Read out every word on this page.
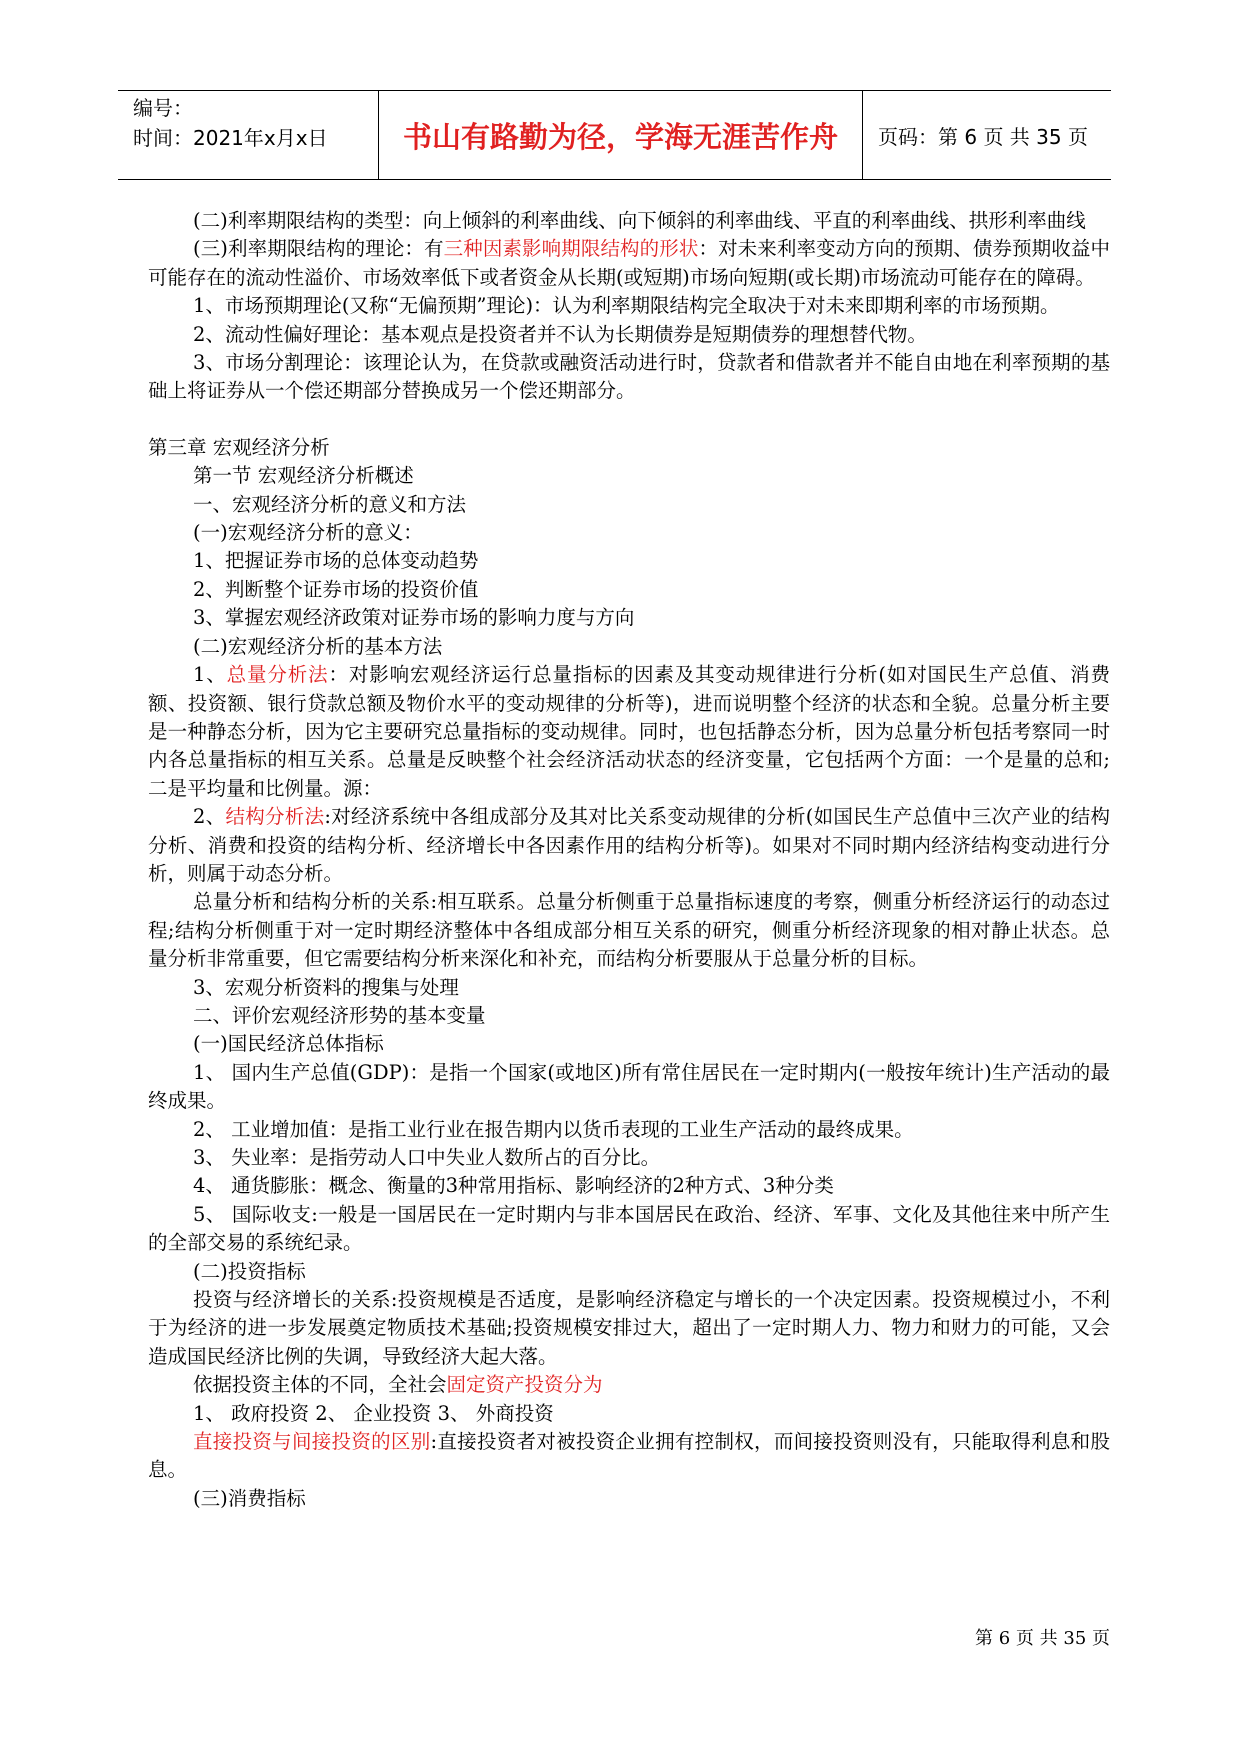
编号：
时间：2021年x月x日	书山有路勤为径，学海无涯苦作舟	页码：第 6 页 共 35 页

(二)利率期限结构的类型：向上倾斜的利率曲线、向下倾斜的利率曲线、平直的利率曲线、拱形利率曲线

(三)利率期限结构的理论：有三种因素影响期限结构的形状：对未来利率变动方向的预期、债券预期收益中可能存在的流动性溢价、市场效率低下或者资金从长期(或短期)市场向短期(或长期)市场流动可能存在的障碍。

1、市场预期理论(又称“无偏预期”理论)：认为利率期限结构完全取决于对未来即期利率的市场预期。

2、流动性偏好理论：基本观点是投资者并不认为长期债券是短期债券的理想替代物。

3、市场分割理论：该理论认为，在贷款或融资活动进行时，贷款者和借款者并不能自由地在利率预期的基础上将证券从一个偿还期部分替换成另一个偿还期部分。

第三章 宏观经济分析

第一节 宏观经济分析概述

一、宏观经济分析的意义和方法

(一)宏观经济分析的意义：

1、把握证券市场的总体变动趋势

2、判断整个证券市场的投资价值

3、掌握宏观经济政策对证券市场的影响力度与方向

(二)宏观经济分析的基本方法

1、总量分析法：对影响宏观经济运行总量指标的因素及其变动规律进行分析(如对国民生产总值、消费额、投资额、银行贷款总额及物价水平的变动规律的分析等)，进而说明整个经济的状态和全貌。总量分析主要是一种静态分析，因为它主要研究总量指标的变动规律。同时，也包括静态分析，因为总量分析包括考察同一时内各总量指标的相互关系。总量是反映整个社会经济活动状态的经济变量，它包括两个方面：一个是量的总和;二是平均量和比例量。源：

2、结构分析法:对经济系统中各组成部分及其对比关系变动规律的分析(如国民生产总值中三次产业的结构分析、消费和投资的结构分析、经济增长中各因素作用的结构分析等)。如果对不同时期内经济结构变动进行分析，则属于动态分析。

总量分析和结构分析的关系:相互联系。总量分析侧重于总量指标速度的考察，侧重分析经济运行的动态过程;结构分析侧重于对一定时期经济整体中各组成部分相互关系的研究，侧重分析经济现象的相对静止状态。总量分析非常重要，但它需要结构分析来深化和补充，而结构分析要服从于总量分析的目标。

3、宏观分析资料的搜集与处理

二、评价宏观经济形势的基本变量

(一)国民经济总体指标

1、 国内生产总值(GDP)：是指一个国家(或地区)所有常住居民在一定时期内(一般按年统计)生产活动的最终成果。

2、 工业增加值：是指工业行业在报告期内以货币表现的工业生产活动的最终成果。

3、 失业率：是指劳动人口中失业人数所占的百分比。

4、 通货膨胀：概念、衡量的3种常用指标、影响经济的2种方式、3种分类

5、 国际收支:一般是一国居民在一定时期内与非本国居民在政治、经济、军事、文化及其他往来中所产生的全部交易的系统纪录。

(二)投资指标

投资与经济增长的关系:投资规模是否适度，是影响经济稳定与增长的一个决定因素。投资规模过小，不利于为经济的进一步发展奠定物质技术基础;投资规模安排过大，超出了一定时期人力、物力和财力的可能，又会造成国民经济比例的失调，导致经济大起大落。

依据投资主体的不同，全社会固定资产投资分为

1、 政府投资 2、 企业投资 3、 外商投资

直接投资与间接投资的区别:直接投资者对被投资企业拥有控制权，而间接投资则没有，只能取得利息和股息。

(三)消费指标

第 6 页 共 35 页
